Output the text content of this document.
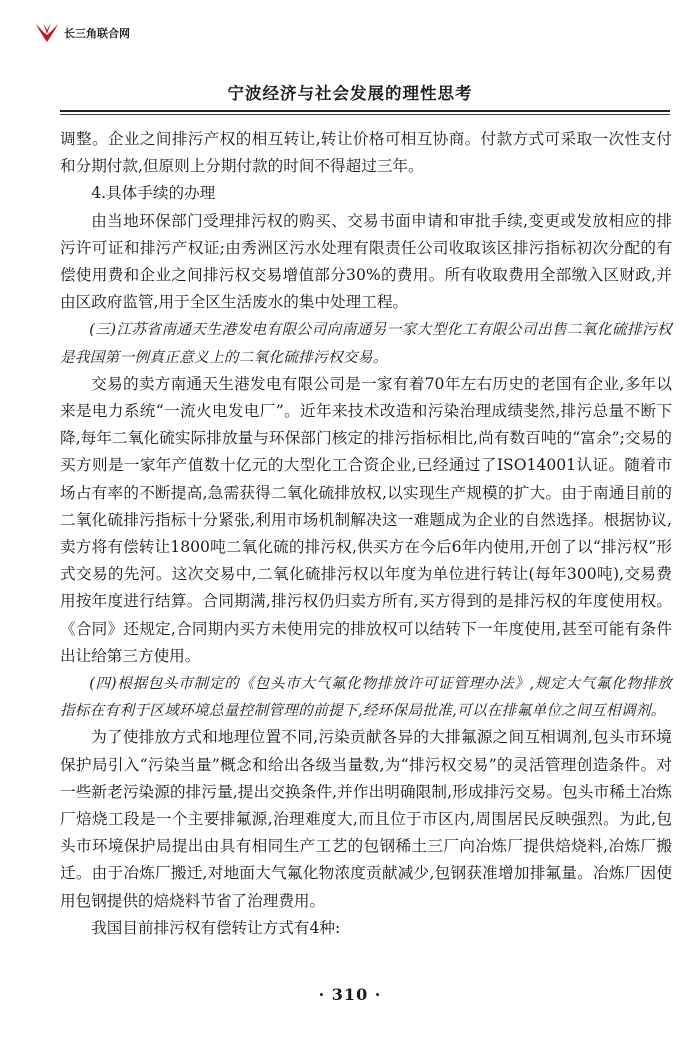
长三角联合网
宁波经济与社会发展的理性思考

调整。企业之间排污产权的相互转让,转让价格可相互协商。付款方式可采取一次性支付和分期付款,但原则上分期付款的时间不得超过三年。

4.具体手续的办理

由当地环保部门受理排污权的购买、交易书面申请和审批手续,变更或发放相应的排污许可证和排污产权证;由秀洲区污水处理有限责任公司收取该区排污指标初次分配的有偿使用费和企业之间排污权交易增值部分30%的费用。所有收取费用全部缴入区财政,并由区政府监管,用于全区生活废水的集中处理工程。

(三)江苏省南通天生港发电有限公司向南通另一家大型化工有限公司出售二氧化硫排污权是我国第一例真正意义上的二氧化硫排污权交易。

交易的卖方南通天生港发电有限公司是一家有着70年左右历史的老国有企业,多年以来是电力系统“一流火电发电厂”。近年来技术改造和污染治理成绩斐然,排污总量不断下降,每年二氧化硫实际排放量与环保部门核定的排污指标相比,尚有数百吨的“富余”;交易的买方则是一家年产值数十亿元的大型化工合资企业,已经通过了ISO14001认证。随着市场占有率的不断提高,急需获得二氧化硫排放权,以实现生产规模的扩大。由于南通目前的二氧化硫排污指标十分紧张,利用市场机制解决这一难题成为企业的自然选择。根据协议,卖方将有偿转让1800吨二氧化硫的排污权,供买方在今后6年内使用,开创了以“排污权”形式交易的先河。这次交易中,二氧化硫排污权以年度为单位进行转让(每年300吨),交易费用按年度进行结算。合同期满,排污权仍归卖方所有,买方得到的是排污权的年度使用权。《合同》还规定,合同期内买方未使用完的排放权可以结转下一年度使用,甚至可能有条件出让给第三方使用。

(四)根据包头市制定的《包头市大气氟化物排放许可证管理办法》,规定大气氟化物排放指标在有利于区域环境总量控制管理的前提下,经环保局批准,可以在排氟单位之间互相调剂。

为了使排放方式和地理位置不同,污染贡献各异的大排氟源之间互相调剂,包头市环境保护局引入“污染当量”概念和给出各级当量数,为“排污权交易”的灵活管理创造条件。对一些新老污染源的排污量,提出交换条件,并作出明确限制,形成排污交易。包头市稀土冶炼厂焙烧工段是一个主要排氟源,治理难度大,而且位于市区内,周围居民反映强烈。为此,包头市环境保护局提出由具有相同生产工艺的包钢稀土三厂向冶炼厂提供焙烧料,冶炼厂搬迁。由于冶炼厂搬迁,对地面大气氟化物浓度贡献减少,包钢获准增加排氟量。冶炼厂因使用包钢提供的焙烧料节省了治理费用。

我国目前排污权有偿转让方式有4种:

· 310 ·
